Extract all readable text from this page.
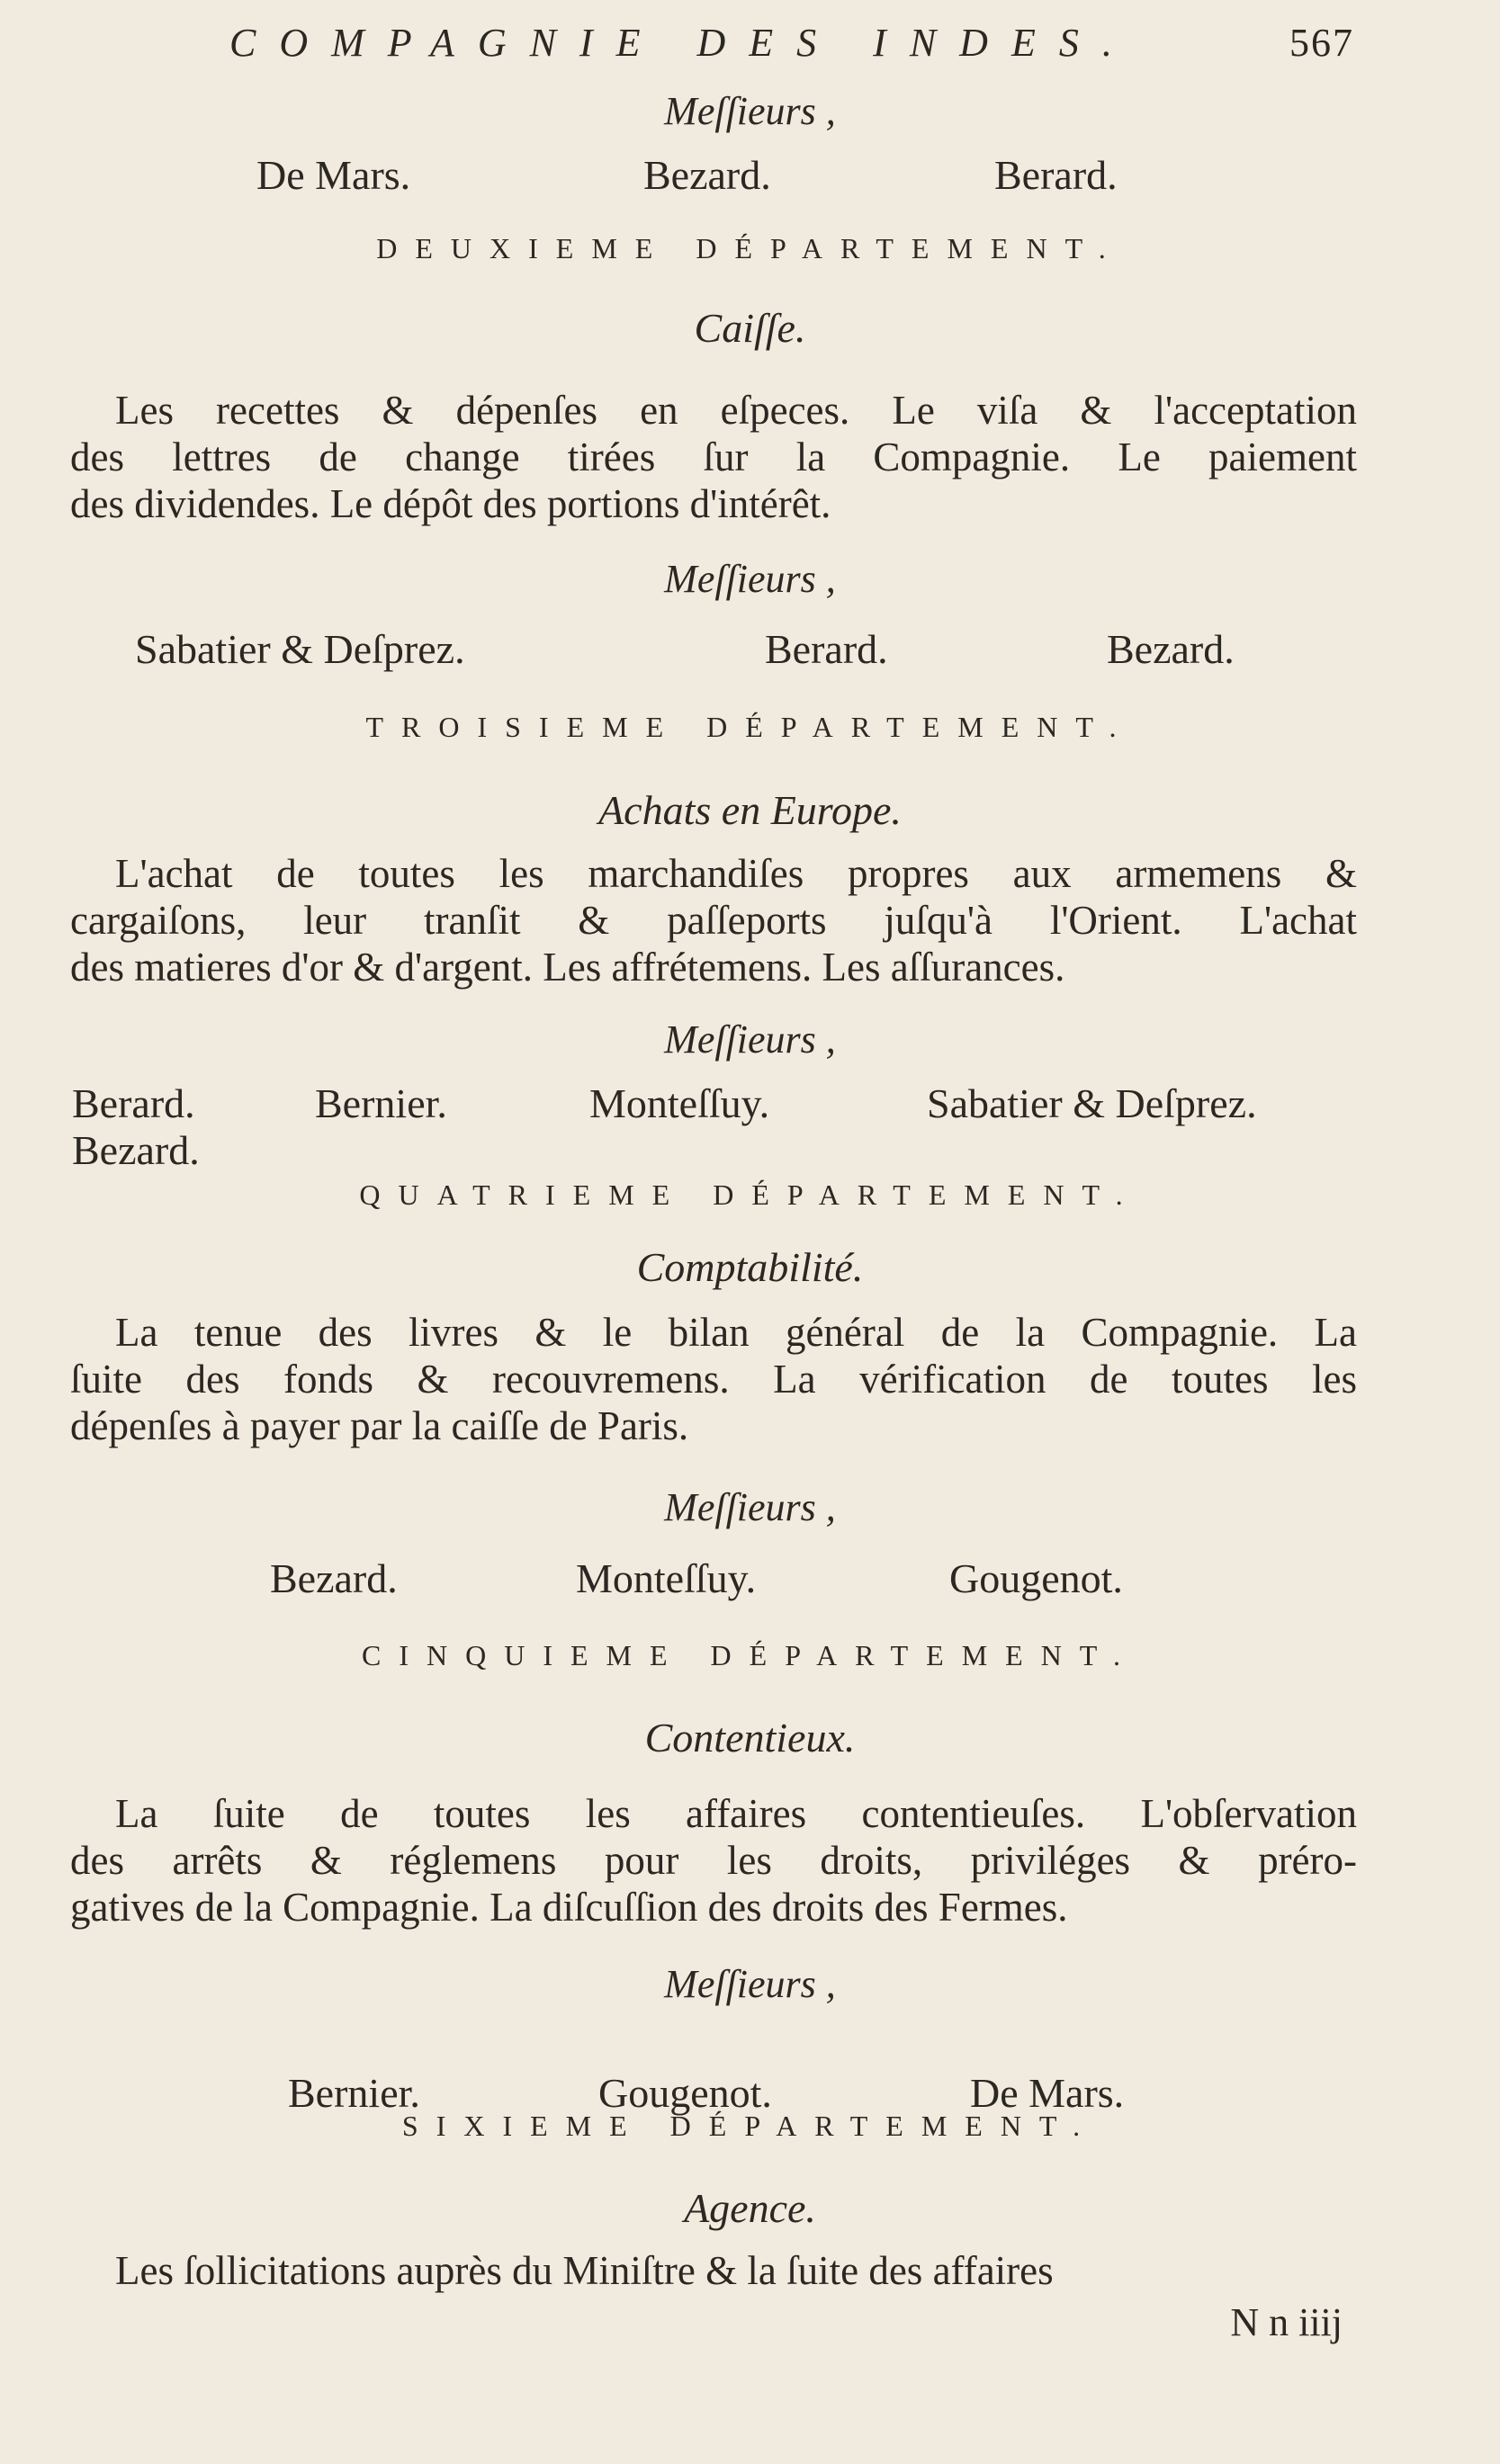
COMPAGNIE DES INDES.	567
Meſſieurs ,
De Mars.	Bezard.	Berard.
DEUXIEME DÉPARTEMENT.
Caiſſe.
Les recettes & dépenſes en eſpeces. Le viſa & l'acceptation
des lettres de change tirées ſur la Compagnie. Le paiement
des dividendes. Le dépôt des portions d'intérêt.
Meſſieurs ,
Sabatier & Deſprez.	Berard.	Bezard.
TROISIEME DÉPARTEMENT.
Achats en Europe.
L'achat de toutes les marchandiſes propres aux armemens &
cargaiſons, leur tranſit & paſſeports juſqu'à l'Orient. L'achat
des matieres d'or & d'argent. Les affrétemens. Les aſſurances.
Meſſieurs ,
Berard.	Bernier.	Monteſſuy.	Sabatier & Deſprez.
Bezard.
QUATRIEME DÉPARTEMENT.
Comptabilité.
La tenue des livres & le bilan général de la Compagnie. La
ſuite des fonds & recouvremens. La vérification de toutes les
dépenſes à payer par la caiſſe de Paris.
Meſſieurs ,
Bezard.	Monteſſuy.	Gougenot.
CINQUIEME DÉPARTEMENT.
Contentieux.
La ſuite de toutes les affaires contentieuſes. L'obſervation
des arrêts & réglemens pour les droits, priviléges & préro-
gatives de la Compagnie. La diſcuſſion des droits des Fermes.
Meſſieurs ,
Bernier.	Gougenot.	De Mars.
SIXIEME DÉPARTEMENT.
Agence.
Les ſollicitations auprès du Miniſtre & la ſuite des affaires
N n iiij
